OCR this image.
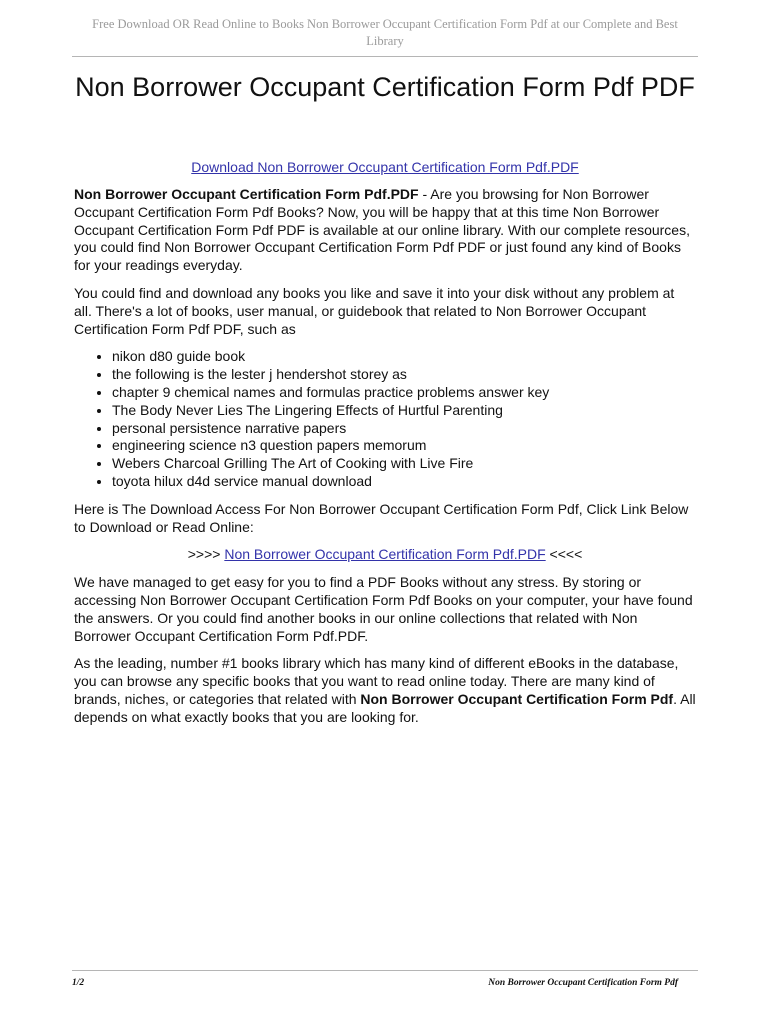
Free Download OR Read Online to Books Non Borrower Occupant Certification Form Pdf at our Complete and Best Library
Non Borrower Occupant Certification Form Pdf PDF
Download Non Borrower Occupant Certification Form Pdf.PDF

Non Borrower Occupant Certification Form Pdf.PDF - Are you browsing for Non Borrower Occupant Certification Form Pdf Books? Now, you will be happy that at this time Non Borrower Occupant Certification Form Pdf PDF is available at our online library. With our complete resources, you could find Non Borrower Occupant Certification Form Pdf PDF or just found any kind of Books for your readings everyday.

You could find and download any books you like and save it into your disk without any problem at all. There's a lot of books, user manual, or guidebook that related to Non Borrower Occupant Certification Form Pdf PDF, such as

• nikon d80 guide book
• the following is the lester j hendershot storey as
• chapter 9 chemical names and formulas practice problems answer key
• The Body Never Lies The Lingering Effects of Hurtful Parenting
• personal persistence narrative papers
• engineering science n3 question papers memorum
• Webers Charcoal Grilling The Art of Cooking with Live Fire
• toyota hilux d4d service manual download

Here is The Download Access For Non Borrower Occupant Certification Form Pdf, Click Link Below to Download or Read Online:

>>>> Non Borrower Occupant Certification Form Pdf.PDF <<<<

We have managed to get easy for you to find a PDF Books without any stress. By storing or accessing Non Borrower Occupant Certification Form Pdf Books on your computer, your have found the answers. Or you could find another books in our online collections that related with Non Borrower Occupant Certification Form Pdf.PDF.

As the leading, number #1 books library which has many kind of different eBooks in the database, you can browse any specific books that you want to read online today. There are many kind of brands, niches, or categories that related with Non Borrower Occupant Certification Form Pdf. All depends on what exactly books that you are looking for.

1/2	Non Borrower Occupant Certification Form Pdf
